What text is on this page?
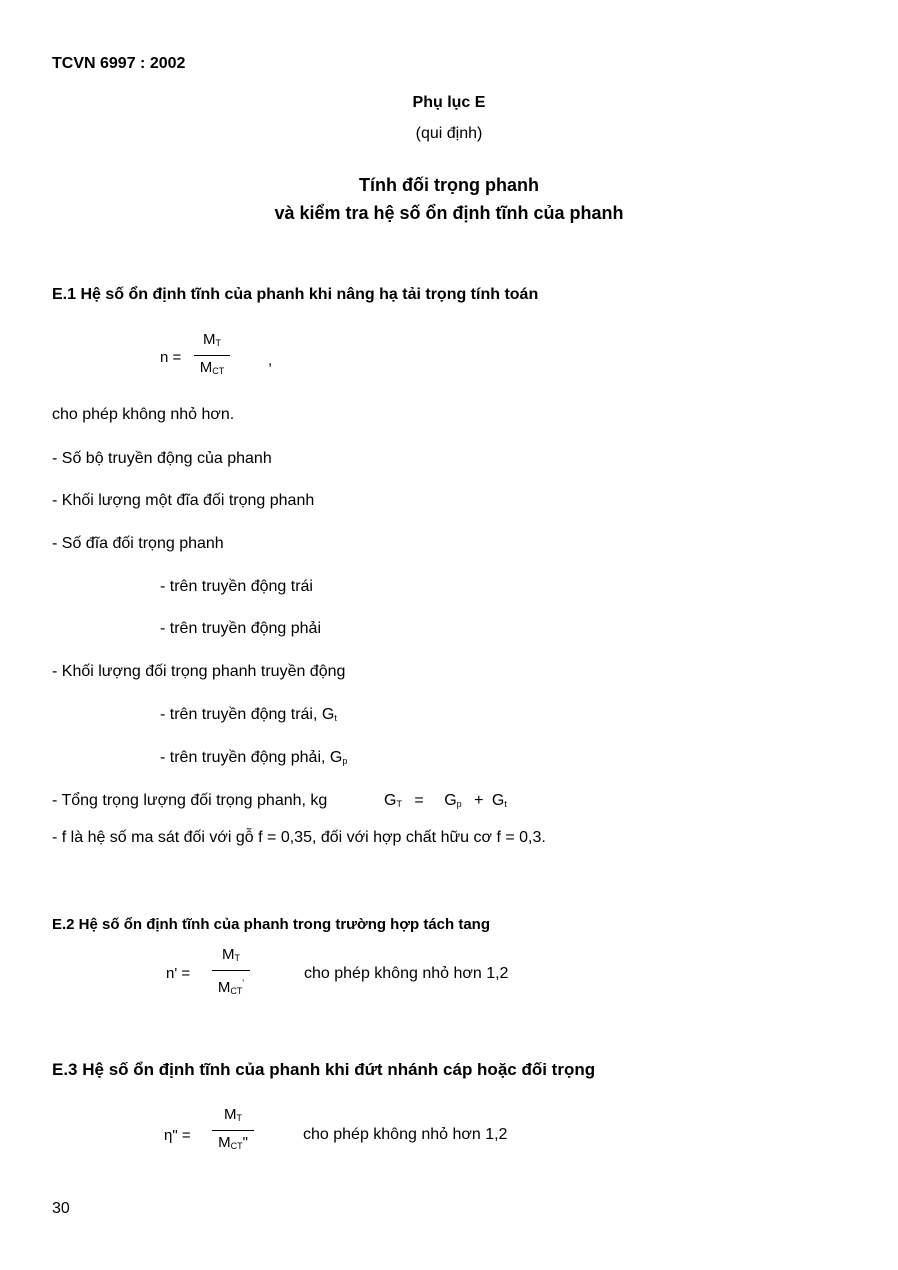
TCVN 6997 : 2002
Phụ lục E
(qui định)
Tính đối trọng phanh
và kiểm tra hệ số ổn định tĩnh của phanh
E.1 Hệ số ổn định tĩnh của phanh khi nâng hạ tải trọng tính toán
n =
$M_T$
$M_{CT}$
,
cho phép không nhỏ hơn.
- Số bộ truyền động của phanh
- Khối lượng một đĩa đối trọng phanh
- Số đĩa đối trọng phanh
- trên truyền động trái
- trên truyền động phải
- Khối lượng đối trọng phanh truyền động
- trên truyền động trái, $G_t$
- trên truyền động phải, $G_p$
- Tổng trọng lượng đối trọng phanh, kg	$G_T = G_p + G_t$
- f là hệ số ma sát đối với gỗ f = 0,35, đối với hợp chất hữu cơ f = 0,3.
E.2 Hệ số ổn định tĩnh của phanh trong trường hợp tách tang
n' =
$M_T$
$M_{CT}'$
cho phép không nhỏ hơn 1,2
E.3 Hệ số ổn định tĩnh của phanh khi đứt nhánh cáp hoặc đối trọng
η" =
$M_T$
$M_{CT}$"	cho phép không nhỏ hơn 1,2
30
